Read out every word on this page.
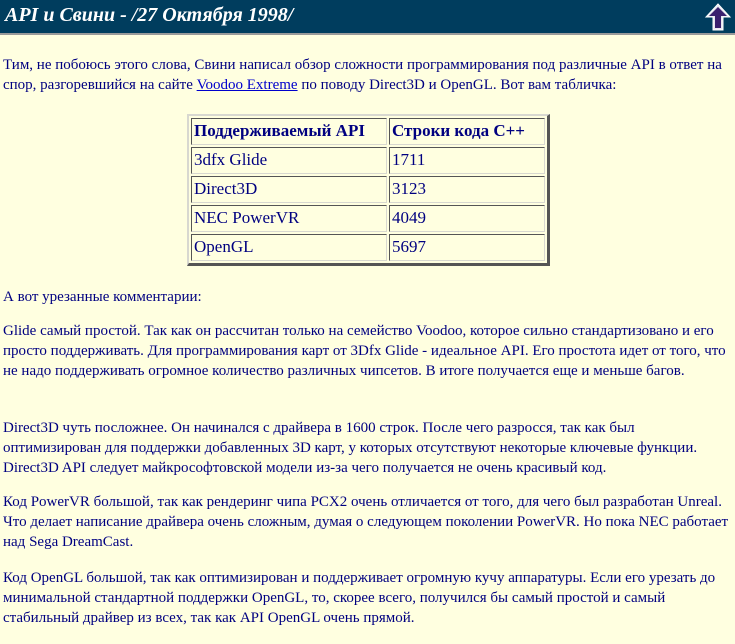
API и Свини - /27 Октября 1998/

Тим, не побоюсь этого слова, Свини написал обзор сложности программирования под различные API в ответ на спор, разгоревшийся на сайте Voodoo Extreme по поводу Direct3D и OpenGL. Вот вам табличка:

Поддерживаемый API	Строки кода C++
3dfx Glide	1711
Direct3D	3123
NEC PowerVR	4049
OpenGL	5697

А вот урезанные комментарии:

Glide самый простой. Так как он рассчитан только на семейство Voodoo, которое сильно стандартизовано и его просто поддерживать. Для программирования карт от 3Dfx Glide - идеальное API. Его простота идет от того, что не надо поддерживать огромное количество различных чипсетов. В итоге получается еще и меньше багов.

Direct3D чуть посложнее. Он начинался с драйвера в 1600 строк. После чего разросся, так как был оптимизирован для поддержки добавленных 3D карт, у которых отсутствуют некоторые ключевые функции. Direct3D API следует майкрософтовской модели из-за чего получается не очень красивый код.

Код PowerVR большой, так как рендеринг чипа PCX2 очень отличается от того, для чего был разработан Unreal. Что делает написание драйвера очень сложным, думая о следующем поколении PowerVR. Но пока NEC работает над Sega DreamCast.

Код OpenGL большой, так как оптимизирован и поддерживает огромную кучу аппаратуры. Если его урезать до минимальной стандартной поддержки OpenGL, то, скорее всего, получился бы самый простой и самый стабильный драйвер из всех, так как API OpenGL очень прямой.
